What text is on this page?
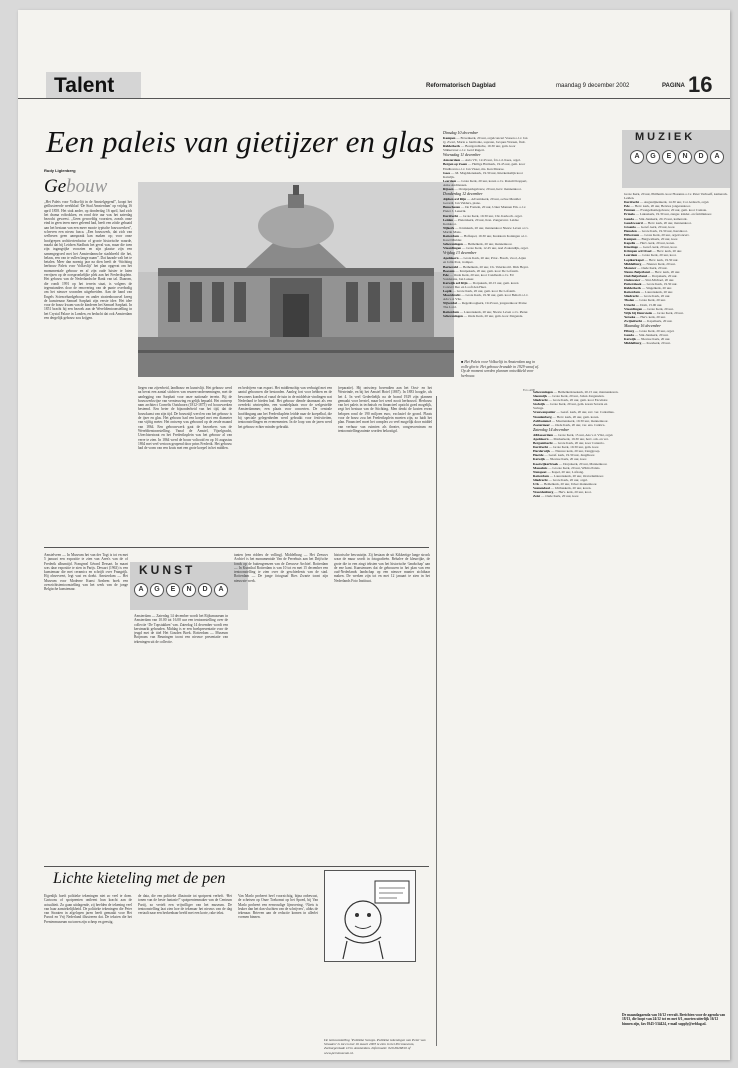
Talent	Reformatorisch Dagblad	maandag 9 december 2002	PAGINA 16
Een paleis van gietijzer en glas
Rudy Liglenberg
Gebouw
■ Het Paleis voor Volksvlijt in Amsterdam zag in volle glorie. Het gebouw brandde in 1929 vanaf af. Op de moment werden plannen ontwikkeld voor herbouw.
Foto ANP
„Het Paleis voor Volksvlijt in de Amstelgegend”, koopt het geillustreerde weekblad ‘De Stad Amsterdam’ op vrijdag 16 april 1858. Het stuk ander, op donderdag 16 april, had zich het drama voltrokken, en rond drie uur was het zaterdag bezocht geweest. „Geen gewoeldig voorzien, zoeals onze eind in geen ieren meer geleend had, heeft een zóide gebaatd aan het bestaan van een meer mooie typische bouwwerken”, schreven een nieuw fazca. „Een bouwwerk, dat zich van welbesen geen aanspraak kan maken op; voor onze hoofgrepen architectenfactur of groote historische waarde, maakt dat bij Leidsen Stadhuis het geval was, maar die toen zijn ingangrijke voorzien en zijn plaatse zijn een samengegroed met het Amsterdamsche stadsbeeld die het, helaas, een van te vullen lange naam”. Dat bazade valt het te betalen. Meer dan normig jaar na dien heeft de ‘Stichting herbouw Paleis voor Volksvlijt’ het plan opgevat om het monumentale gebouw en af zijn oude luister te laten verrijzen op de oorspronkelijke plek aan het Frederiksplein. Het gebouw van de Nederlandsche Bank van tal. Daarom, die rondt 1991 op het terrein staat, is volgens de tegenstanders door de renovering van de punte overbodig om het nieuwe woonden uitgebreiden. Aan de hand van Engels Sciencehardgebouw en ander stratenbouwsel kreeg de kunstenaar Samuel Sarphati zijn eerste idee. Het idee voor de bouw kwam van de kinderen het Samuel Sarphati. In 1851 bracht hij een bezoek aan de Wereldtentoonstelling in het Crystal Palace in Londen, en bedacht dat ook Amsterdam een dergelijk gebouw zou krijgen.
liegen van zijverheid, landbouw en kunstvlijt. Het gebouw werd na bevat een aantal stichters van reuzen-ondernemingen, met de aanlegging van Sarphati voor onze nationale terrein. Bij de bouwwerkwijze van vernieuwing en gelijk bepaald. Het ontwerp nam architect Cornelis Outshoorn (1812-1875) vol bouwwerken bestemd. Een beter de bijzonderheid van het tijd, dat de bouwkunst van zijn tijd. De bouwstijl werd en van het gebouw is de ijzer en glas. Het gebouw had een koepel met een diameter van vijftig meter. Het ontwerp was gebouwd op de zesde maand van 1864. Een gebouwwerk gaat de bezoekers van de Wereldtentoonstelling. Vanaf de Amstel, Vijzelgracht, Utrechtsestraat en het Frederiksplein was het gebouw al van verre te zien. In 1864 werd de bouw voltooid en op 16 augustus 1864 met veel vertoon geopend door prins Frederik. Het gebouw had de vorm van een kruis met een grote koepel in het midden.
en bedrijven van export. Het middenschip van verbuigd met een aantal gebouwen die bestonden. Aanleg fort voor hebben en de bewoners konden al vanaf de tuin in de middelste vindingen wat Nederland te bieden had. Het gebouw diende daarnaast als een overdekt winterplein, een wandelplaats voor de welgestelde Amsterdammer, een plaats voor concerten. De centrale hoofdingang aan het Frederiksplein leidde naar de koepelhal, die bij speciale gelegenheden werd gebruikt voor festiviteiten, tentoonstellingen en evenementen. In de loop van de jaren werd het gebouw echter minder gebruikt.
(reparatie). Hij ontwierp bovendien aan het Oost- en het Westeinde, en bij het Amstel Hotel (1867). In 1883 hoogde, als het 4. In veel Gedeeltelijk na de brand 1929 zijn plannen gemaakt voor herstel, maar het werd nooit herbouwd. Herbouw van het paleis in technisch en financieel opzicht goed mogelijk, zegt het bestuur van de Stichting. Men denkt de kosten ervan belopen rond de 190 miljoen euro, exclusief de grond. Plaats voor de bouw zou het Frederiksplein moeten zijn, zo luidt het plan. Financieel moet het complex zo veel mogelijk door middel van verhuur van ruimten als theater, congrescentrum en tentoonstellingsruimte worden bekostigd.
KUNST
A	G	E	N	D	A
Amstelveen — In Museum het van der Togt is tot en met 5 januari een expositie te zien van Aren's van de of Frederik albumtijd. Frangreal Gérard Dessart. In maart was daar expositie te zien in Parijs. Dessart (1963) is een kunstenaar die met ceramics en schrijft over Frangrijk. Hij observeert, legt vast en doekt. Amsterdam — Het Museum voor Moderne Kunst Arnhem boek een overzichtstentoonstelling van het werk van de jonge Belgische kunstenaar.
Amsterdam — Zaterdag 14 december wordt het Rijksmuseum in Amsterdam van 10.00 tot 16.00 uur een tentoonstelling over de collectie ‘De Topstukken’ van. Zaterdag 14 december wordt een kerstmarkt gehouden. Middag is er een boekpresentatie voor de jeugd met de titel Het Gouden Boek. Rotterdam — Museum Boijmans van Beuningen toont een nieuwe presentatie van tekeningen uit de collectie.
tanten (een ridders de volling). Middelburg — Het Zeeuws Archief is het monumentale Van de Perrehuis aan het Drijfsche fonds op de buitengrenzen van de Zeeuwse Archief. Rotterdam — In Kunsthal Rotterdam is van 10 tot en met 15 december een tentoonstelling te zien over de geschiedenis van de stad. Rotterdam — De jonge fotograaf Ries Zwarte toont zijn nieuwste werk.
historische bewustzijn. Zij bestaan de uit Kikkertige lange strook waar de muur wordt in fotografieën. Behalve de kleurrijke, de grote die in een zingt teksten van het historische ‘landschap’ aan de ene kant. Kunstenares dat de gebouwen in het plan van een oud-Nederlands landschap op een nieuwe manier zichtbaar maken. De werken zijn tot en met 12 januari te zien in het Nederlands Foto Instituut.
Lichte kieteling met de pen
Eigenlijk hoeft politieke tekeningen niet zo veel te doen. Cartoons of spotprenten ontleent hun kracht aan de actualiteit. Zo gaan uitdagende, zij beelden de tekening veel van haar aanstekelijkheid. De politieke tekeningen die Peter van Straaten in afgelopen jaren heeft gemaakt voor Het Parool en Vrij Nederland illustreren dat. De teksten die het Prentenmuseum nu tonen zijn scherp en geestig.
de data, die een politieke illustratie tot spotprent verheft. ‘Het tonen van de beste fantasie?’ spotprentenmaker van de Centrum Partij, zo vertelt een vrijwilliger van het museum. De tentoonstelling laat zien hoe de tekenaar het nieuws van de dag vertaalt naar een herkenbaar beeld met een korte, rake tekst.
Van Marlo probeert heel voorzichtig, bijna onbewust, de schetsen op Onze Toekomst op het Spoed, bij Van Marlo probeert een eenvoudige lijnvoering. ‘Niets is leuker dan het dan vluchten van de schrijvers’, aldus de tekenaar. Brieven aan de redactie komen in allerlei vormen binnen.
De tentoonstelling ‘Politieke Scoops. Politieke tekeningen van Peter van Straaten’ is tot en met 16 maart 2003 te zien in het Persmuseum, Zeeburgerkade 10 in Amsterdam. Informatie: 020-6928810 of www.persmuseum.nl.
MUZIEK
A	G	E	N	D	A
Dinsdag 10 december
Kampen — Bovenkerk, 20 uur, orgelconcert Vossen o.l.v. Jan Q. Zwart, Maria e. harmonie, sopraan, Jacques Warsen, fluit.
Ridderkerk — Bourgondische, 19.30 uur, gem. koor Slikkerveer o.l.v. Gerd Rugeri.
Woensdag 11 december
Amsterdam — Aula VU, 12.45 uur, fov-t.d. Kees, orgel.
Bergen op Zoom — Heilige Hartkerk, 19.45 uur, gem. koor Eindhoven o.l.v. Jan Visser, ms. Ken Maarse.
Goes — M. Magdalenakerk, 19.30 uur, Interkerkelijk koor Katwijk.
Leerdam — Grote Kerk, 20 uur, koren o.l.v. Ronald Koppert, Anke Andriessen.
Rijssen — Oranjeparkgebouw, 20 uur, herv. mannenkoor.
Donderdag 12 december
Alphen a/d Rijn — Adventskerk, 20 uur, oelwe Meulder Gerardt, Jan Vulders, piano.
Bunschoten — De Fontein, 20 uur, Urker Mannen Em. o.l.v. Pieter J. Leuerik.
Dordrecht — Grote Kerk, 19.30 uur, Chr. Kerkoch. orgel.
Leiden — Pieterskerk, 20 uur, Kon. Zangersver. Leidse Kerkkoor.
Nijkerk — Kruiskerk, 20 uur, mannenkoor Nieuw Leven o.l.v. Martin Mans.
Rotterdam — Hofkapel, 19.30 uur, Krekkorn Koningen o.l.v. Karel Mulder.
Scheveningen — Bethelkerk, 20 uur, mannenkoor.
Vlaardingen — Grote Kerk, 12.45 uur, Aad Zoutendijk, orgel.
Vrijdag 13 december
Apeldoorn — Grote Kerk, 20 uur, Prior- Bosch, viool, Arjan en Jolik Post, trompet.
Barneveld — Bethelkerk, 20 uur, Ch. Valerius ml. Dirk Heyer.
Boesum — Kruipekerk, 20 uur, gem. koor De Lofstem.
Ede — Oude Kerk, 20 uur, koor Candlesm o.l.v. Ed Sonderens, Jan Lanser.
Katwijk a/d Rijn — Dorpskerk, 20.15 uur, gem. koren Concert Deo en Looft den Heer.
Lopik — Grote Kerk, 20 uur, gem. koor De Lofstem.
Moordrecht — Grote Kerk, 19.30 uur, gem. koor Beholt o.l.v. Ada v.d. Vlie.
Nijverdal — Regenboogkerk, 19.45 uur, jongerenkoor Praise The Lord.
Rotterdam — Laurenskerk, 20 uur, Nieuw Leven o.l.v. Pieter.
Scheveningen — Oude Kerk, 20 uur, gem. koor Zingende.
Scheveningen — Bethelkerkreekerk, 20.15 uur, mannenkoren.
Sleeuwijk — Grote Kerk, 20 uur, Johan Jongenelen.
Sliedrecht — Grote Kerk, 20 uur, gem. koor Excelsior.
Stolwijk — Grote Kerk, 20 uur, gem. koren Sotaria en Swinge.
Vrouwenpolder — Geref. kerk, 20 uur, zav. ver. Cantamus.
Woudenberg — Herv. kerk, 20 uur, gem. koren.
Zaltbommel — Maartenskerk, 19.30 uur, mannenkoor.
Zoetermeer — Oude Kerk, 20 uur, ver. ens. Cantica.
Zaterdag 14 december
Alblasserdam — Grote Kerk, 15 uur, Ans v.d. Vlist, orgel.
Apeldoorn — Markerkerk, 19.30 uur, herv. ork. en ver.
Bergambacht — Grote Kerk, 20 uur, koor Canterio.
Dordrecht — Grote Kerk, 19.30 uur, gem. koor.
Harderwijk — Nieuwe kerk, 20 uur, Zanggroep.
Heerde — Geref. kerk, 19.30 uur, Jeugdkoor.
Katwijk — Nieuwe Kerk, 20 uur, koor.
Kootwijkerbroek — Dorpskerk, 20 uur, Mannenkoor.
Maassluis — Groote Kerk, 20 uur, Wilma Paleis.
Nunspeet — Kapel, 20 uur, Lofzang.
Rotterdam — Laurenskerk, 20 uur, Oratoriumkoor.
Sliedrecht — Grote Kerk, 20 uur, orgel.
Urk — Bethelkerk, 20 uur, Urker mannenkoor.
Veenendaal — Ichthuskerk, 20 uur, koren.
Waardenburg — Herv. kerk, 20 uur, koor.
Zeist — Oude Kerk, 20 uur, koor.
Grote Kerk, 20 uur, Philharm. koor Hosanna o.l.v. Peter Verhoeff, kamerork. Leiden.
Dordrecht — Augustijnenkerk, 14.30 uur, Cor Ardesch, orgel.
Ede — Herv. kerk, 20 uur, Betuws jongerenkoor.
Emmen — Evangelisatiegebouw, 20 uur, gem. koor Cantate.
Ermelo — Lukaskerk, 19.30 uur, zanger. kinder- en familiekoor.
Gouda — Sint-Janskerk, 20.15 uur, kamerork.
Goudswaard — Herv. kerk, 20 uur, mannenkoor.
Groenlo — Geref. kerk, 20 uur, koor.
Heusden — Grote Kerk, 19.30 uur, Kerstkoor.
Hilversum — Grote Kerk, 20 uur, orgelconcert.
Kampen — Burgwalkerk, 20 uur, koor.
Kapelle — Herv. kerk, 20 uur, koren.
Kloetinge — Geref. kerk, 20 uur, koor.
Krimpen a/d IJssel — Herv. kerk, 20 uur.
Leerdam — Grote Kerk, 20 uur, koor.
Lopikerkapel — Herv. kerk, 19.30 uur.
Middelburg — Nieuwe Kerk, 20 uur.
Monster — Oude Kerk, 20 uur.
Nieuw-Beijerland — Herv. kerk, 20 uur.
Oud-Beijerland — Dorpskerk, 20 uur.
Oudewater — Sint-Michael, 20 uur.
Puttershoek — Grote Kerk, 19.30 uur.
Ridderkerk — Singelkerk, 20 uur.
Rotterdam — Laurenskerk, 20 uur.
Sliedrecht — Grote Kerk, 20 uur.
Tholen — Grote Kerk, 20 uur.
Utrecht — Dom, 15.00 uur.
Vlaardingen — Grote Kerk, 20 uur.
Wijk bij Duurstede — Grote Kerk, 20 uur.
Yerseke — Herv. kerk, 20 uur.
Zwijndrecht — Kapelkerk, 20 uur.
Maandag 16 december
Elburg — Grote Kerk, 20 uur, orgel.
Gouda — Sint-Janskerk, 20 uur.
Katwijk — Nieuwe Kerk, 20 uur.
Middelburg — Koorkerk, 20 uur.
De maandagaenda van 16/12 vervalt. Berichten voor de agenda van 18/13, die loopt van 24/12 tot en met 6/1, moeten uiterlijk 16/12 binnen zijn, fax 0345-534424, e-mail supply@refdag.nl.
